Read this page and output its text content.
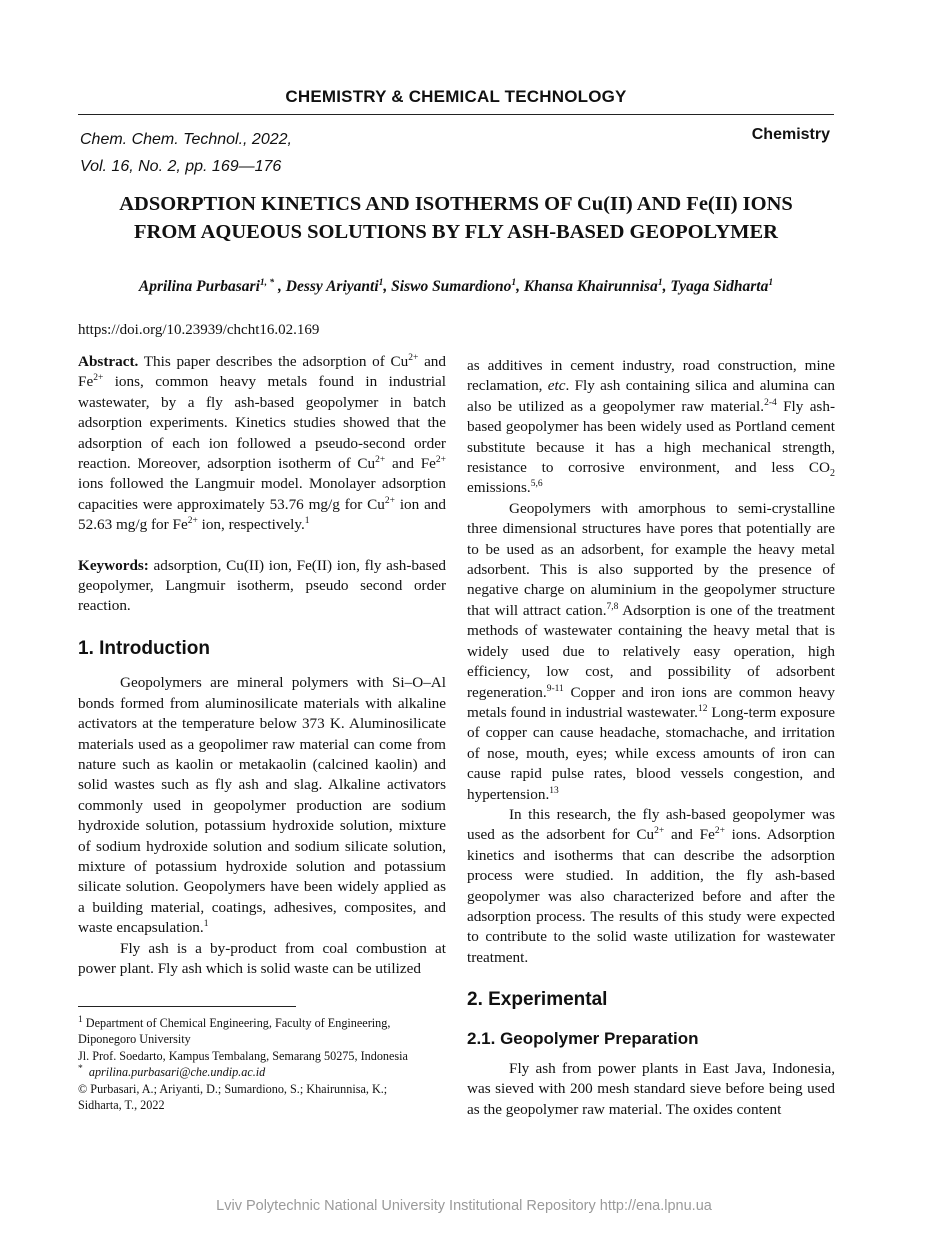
CHEMISTRY & CHEMICAL TECHNOLOGY
Chem. Chem. Technol., 2022,
Vol. 16, No. 2, pp. 169—176
Chemistry
ADSORPTION KINETICS AND ISOTHERMS OF Cu(II) AND Fe(II) IONS
FROM AQUEOUS SOLUTIONS BY FLY ASH-BASED GEOPOLYMER
Aprilina Purbasari$^{1, *}$ , Dessy Ariyanti$^1$, Siswo Sumardiono$^1$, Khansa Khairunnisa$^1$, Tyaga Sidharta$^1$
https://doi.org/10.23939/chcht16.02.169

Abstract. This paper describes the adsorption of $Cu^{2+}$ and $Fe^{2+}$ ions, common heavy metals found in industrial wastewater, by a fly ash-based geopolymer in batch adsorption experiments. Kinetics studies showed that the adsorption of each ion followed a pseudo-second order reaction. Moreover, adsorption isotherm of $Cu^{2+}$ and $Fe^{2+}$ ions followed the Langmuir model. Monolayer adsorption capacities were approximately 53.76 mg/g for $Cu^{2+}$ ion and 52.63 mg/g for $Fe^{2+}$ ion, respectively.$^1$

Keywords: adsorption, Cu(II) ion, Fe(II) ion, fly ash-based geopolymer, Langmuir isotherm, pseudo second order reaction.

1. Introduction

Geopolymers are mineral polymers with Si–O–Al bonds formed from aluminosilicate materials with alkaline activators at the temperature below 373 K. Aluminosilicate materials used as a geopolimer raw material can come from nature such as kaolin or metakaolin (calcined kaolin) and solid wastes such as fly ash and slag. Alkaline activators commonly used in geopolymer production are sodium hydroxide solution, potassium hydroxide solution, mixture of sodium hydroxide solution and sodium silicate solution, mixture of potassium hydroxide solution and potassium silicate solution. Geopolymers have been widely applied as a building material, coatings, adhesives, composites, and waste encapsulation.$^1$

Fly ash is a by-product from coal combustion at power plant. Fly ash which is solid waste can be utilized

as additives in cement industry, road construction, mine reclamation, etc. Fly ash containing silica and alumina can also be utilized as a geopolymer raw material.$^{2-4}$ Fly ash-based geopolymer has been widely used as Portland cement substitute because it has a high mechanical strength, resistance to corrosive environment, and less $CO_2$ emissions.$^{5,6}$

Geopolymers with amorphous to semi-crystalline three dimensional structures have pores that potentially are to be used as an adsorbent, for example the heavy metal adsorbent. This is also supported by the presence of negative charge on aluminium in the geopolymer structure that will attract cation.$^{7,8}$ Adsorption is one of the treatment methods of wastewater containing the heavy metal that is widely used due to relatively easy operation, high efficiency, low cost, and possibility of adsorbent regeneration.$^{9-11}$ Copper and iron ions are common heavy metals found in industrial wastewater.$^{12}$ Long-term exposure of copper can cause headache, stomachache, and irritation of nose, mouth, eyes; while excess amounts of iron can cause rapid pulse rates, blood vessels congestion, and hypertension.$^{13}$

In this research, the fly ash-based geopolymer was used as the adsorbent for $Cu^{2+}$ and $Fe^{2+}$ ions. Adsorption kinetics and isotherms that can describe the adsorption process were studied. In addition, the fly ash-based geopolymer was also characterized before and after the adsorption process. The results of this study were expected to contribute to the solid waste utilization for wastewater treatment.

2. Experimental
2.1. Geopolymer Preparation

Fly ash from power plants in East Java, Indonesia, was sieved with 200 mesh standard sieve before being used as the geopolymer raw material. The oxides content

$^1$ Department of Chemical Engineering, Faculty of Engineering,
Diponegoro University
Jl. Prof. Soedarto, Kampus Tembalang, Semarang 50275, Indonesia
* aprilina.purbasari@che.undip.ac.id
© Purbasari, A.; Ariyanti, D.; Sumardiono, S.; Khairunnisa, K.;
Sidharta, T., 2022
Lviv Polytechnic National University Institutional Repository http://ena.lpnu.ua
